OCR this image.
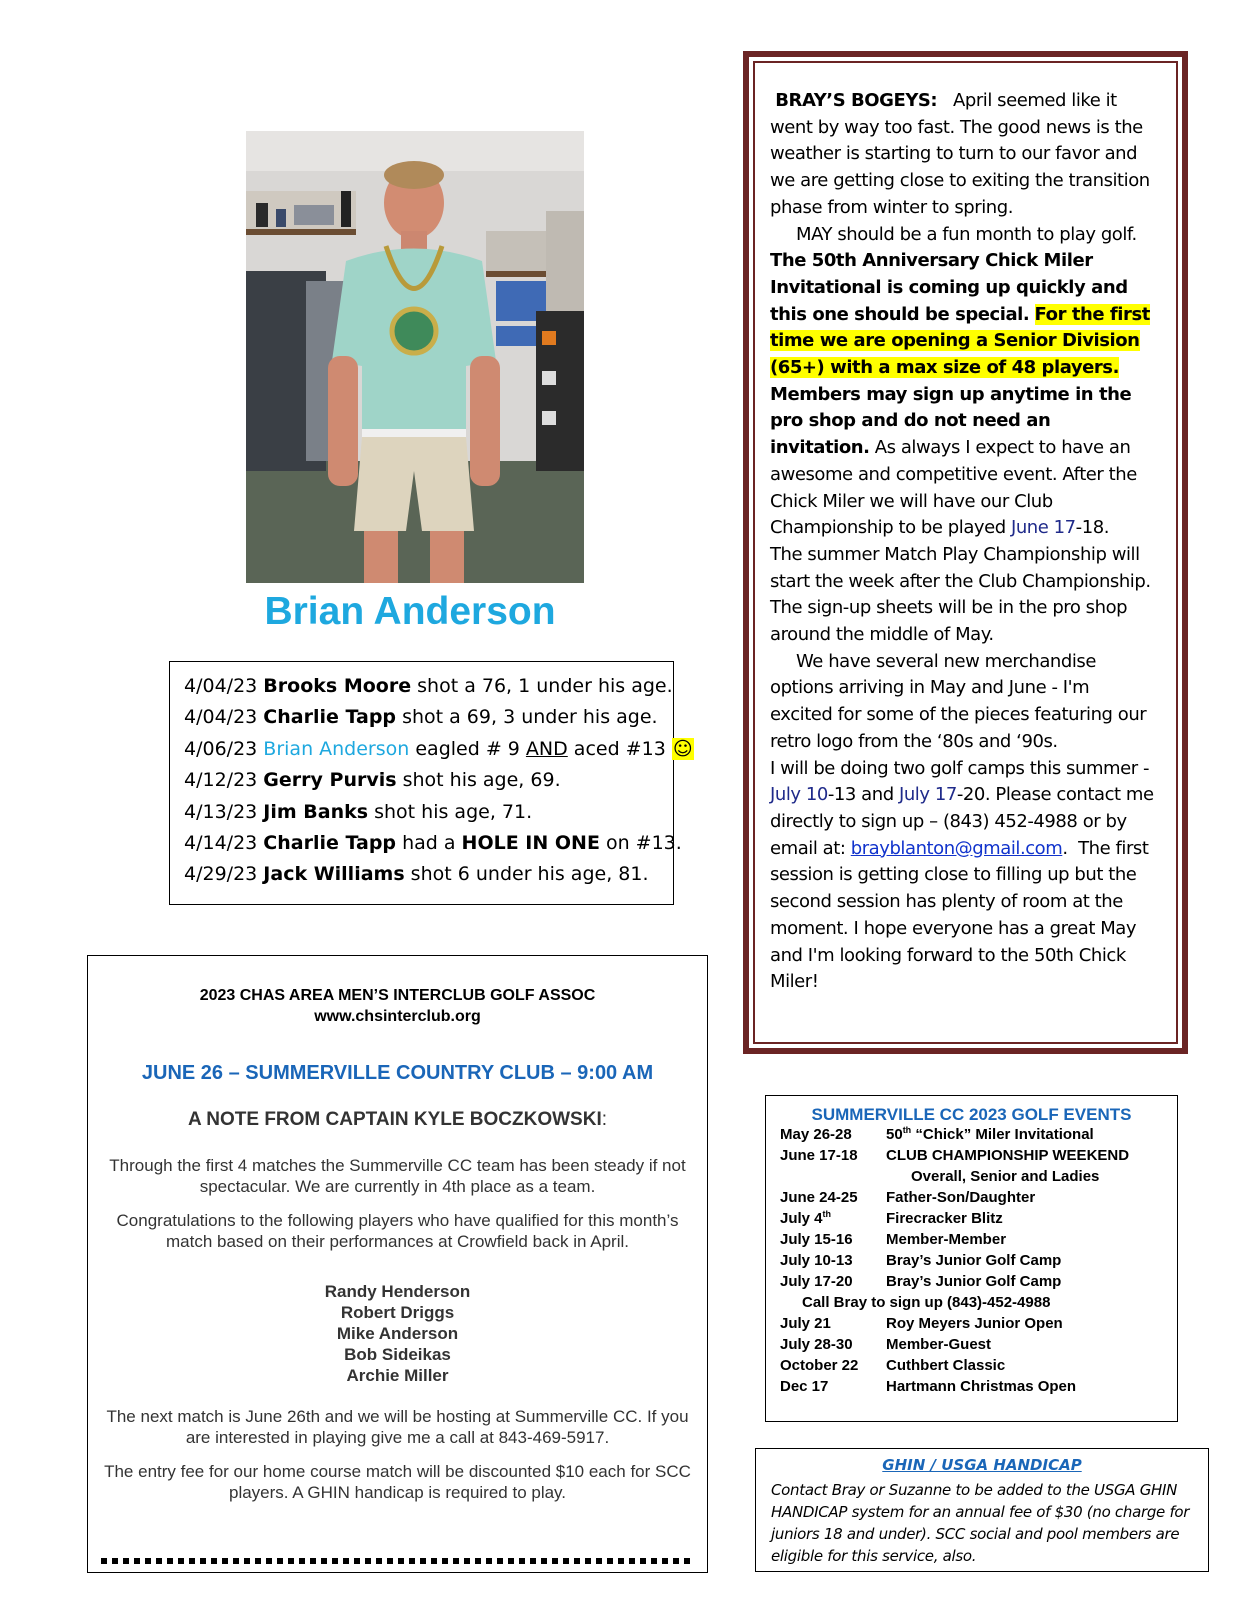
Brian Anderson
4/04/23 Brooks Moore shot a 76, 1 under his age.
4/04/23 Charlie Tapp shot a 69, 3 under his age.
4/06/23 Brian Anderson eagled # 9 AND aced #13 ☺
4/12/23 Gerry Purvis shot his age, 69.
4/13/23 Jim Banks shot his age, 71.
4/14/23 Charlie Tapp had a HOLE IN ONE on #13.
4/29/23 Jack Williams shot 6 under his age, 81.

BRAY’S BOGEYS: April seemed like it went by way too fast. The good news is the weather is starting to turn to our favor and we are getting close to exiting the transition phase from winter to spring.

MAY should be a fun month to play golf. The 50th Anniversary Chick Miler Invitational is coming up quickly and this one should be special. For the first time we are opening a Senior Division (65+) with a max size of 48 players. Members may sign up anytime in the pro shop and do not need an invitation. As always I expect to have an awesome and competitive event. After the Chick Miler we will have our Club Championship to be played June 17-18.   The summer Match Play Championship will start the week after the Club Championship. The sign-up sheets will be in the pro shop around the middle of May.

We have several new merchandise options arriving in May and June - I'm excited for some of the pieces featuring our retro logo from the ‘80s and ‘90s.

I will be doing two golf camps this summer - July 10-13 and July 17-20. Please contact me directly to sign up – (843) 452-4988 or by email at: brayblanton@gmail.com.  The first session is getting close to filling up but the second session has plenty of room at the moment. I hope everyone has a great May and I'm looking forward to the 50th Chick Miler!

2023 CHAS AREA MEN’S INTERCLUB GOLF ASSOC
www.chsinterclub.org
JUNE 26 – SUMMERVILLE COUNTRY CLUB – 9:00 AM
A NOTE FROM CAPTAIN KYLE BOCZKOWSKI:
Through the first 4 matches the Summerville CC team has been steady if not spectacular. We are currently in 4th place as a team.
Congratulations to the following players who have qualified for this month’s match based on their performances at Crowfield back in April.
Randy Henderson
Robert Driggs
Mike Anderson
Bob Sideikas
Archie Miller
The next match is June 26th and we will be hosting at Summerville CC. If you are interested in playing give me a call at 843-469-5917.
The entry fee for our home course match will be discounted $10 each for SCC players. A GHIN handicap is required to play.
SUMMERVILLE CC 2023 GOLF EVENTS
May 26-28 50th “Chick” Miler Invitational
June 17-18 CLUB CHAMPIONSHIP WEEKEND
Overall, Senior and Ladies
June 24-25 Father-Son/Daughter
July 4th	Firecracker Blitz
July 15-16 Member-Member
July 10-13 Bray’s Junior Golf Camp
July 17-20 Bray’s Junior Golf Camp
Call Bray to sign up (843)-452-4988
July 21	Roy Meyers Junior Open
July 28-30 Member-Guest
October 22 Cuthbert Classic
Dec 17	Hartmann Christmas Open
GHIN / USGA HANDICAP
Contact Bray or Suzanne to be added to the USGA GHIN HANDICAP system for an annual fee of $30 (no charge for juniors 18 and under). SCC social and pool members are eligible for this service, also.
